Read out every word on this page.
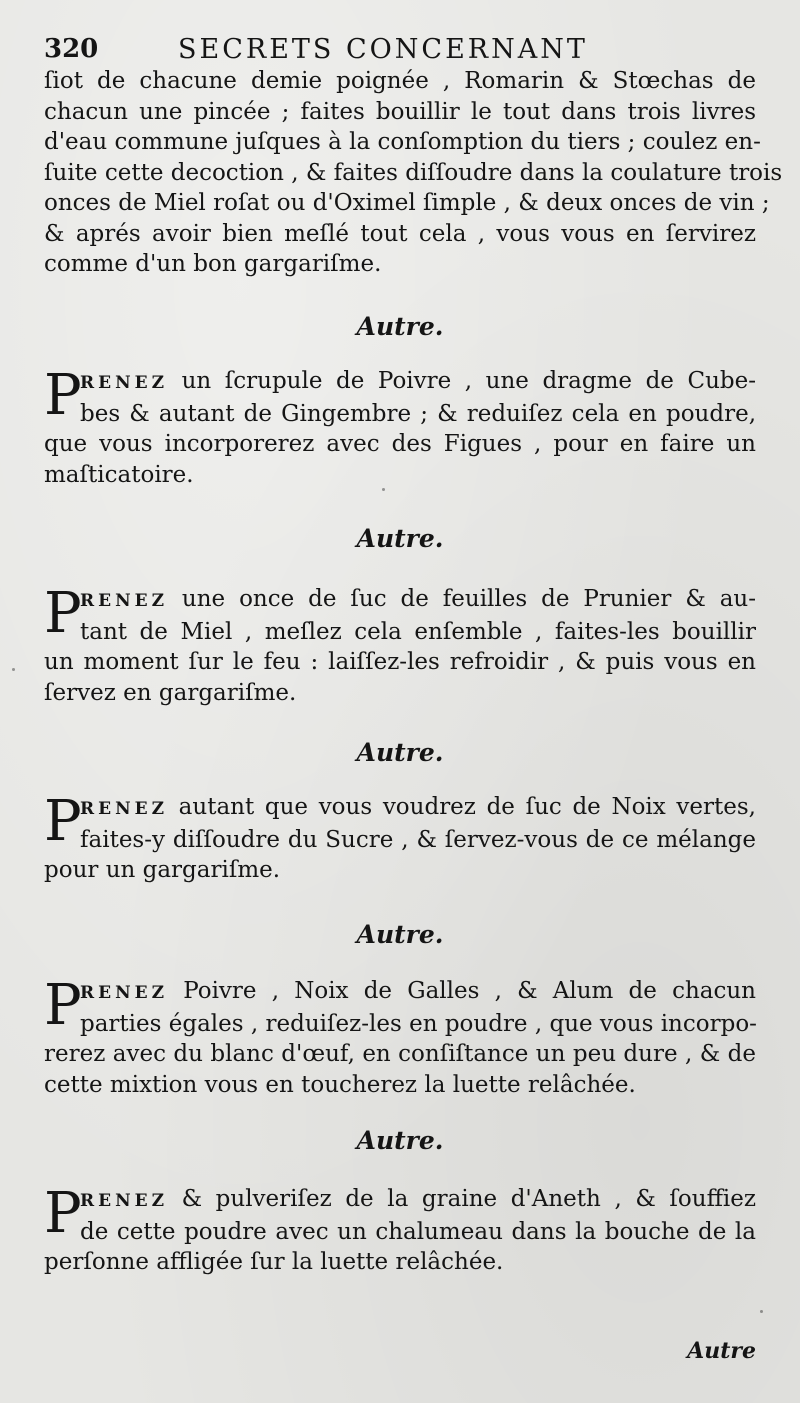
320	SECRETS CONCERNANT
ſiot de chacune demie poignée , Romarin & Stœchas de
chacun une pincée ; faites bouillir le tout dans trois livres
d'eau commune juſques à la conſomption du tiers ; coulez en-
ſuite cette decoction , & faites diſſoudre dans la coulature trois
onces de Miel roſat ou d'Oximel ſimple , & deux onces de vin ;
& aprés avoir bien meſlé tout cela , vous vous en ſervirez
comme d'un bon gargariſme.
Autre.
P
RENEZ un ſcrupule de Poivre , une dragme de Cube-
bes & autant de Gingembre ; & reduiſez cela en poudre,
que vous incorporerez avec des Figues , pour en faire un
maſticatoire.
Autre.
P
RENEZ une once de ſuc de feuilles de Prunier & au-
tant de Miel , meſlez cela enſemble , faites-les bouillir
un moment ſur le feu : laiſſez-les refroidir , & puis vous en
ſervez en gargariſme.
Autre.
P
RENEZ autant que vous voudrez de ſuc de Noix vertes,
faites-y diſſoudre du Sucre , & ſervez-vous de ce mélange
pour un gargariſme.
Autre.
P
RENEZ Poivre , Noix de Galles , & Alum de chacun
parties égales , reduiſez-les en poudre , que vous incorpo-
rerez avec du blanc d'œuf, en conſiſtance un peu dure , & de
cette mixtion vous en toucherez la luette relâchée.
Autre.
P
RENEZ & pulveriſez de la graine d'Aneth , & ſouffiez
de cette poudre avec un chalumeau dans la bouche de la
perſonne affligée ſur la luette relâchée.
Autre
